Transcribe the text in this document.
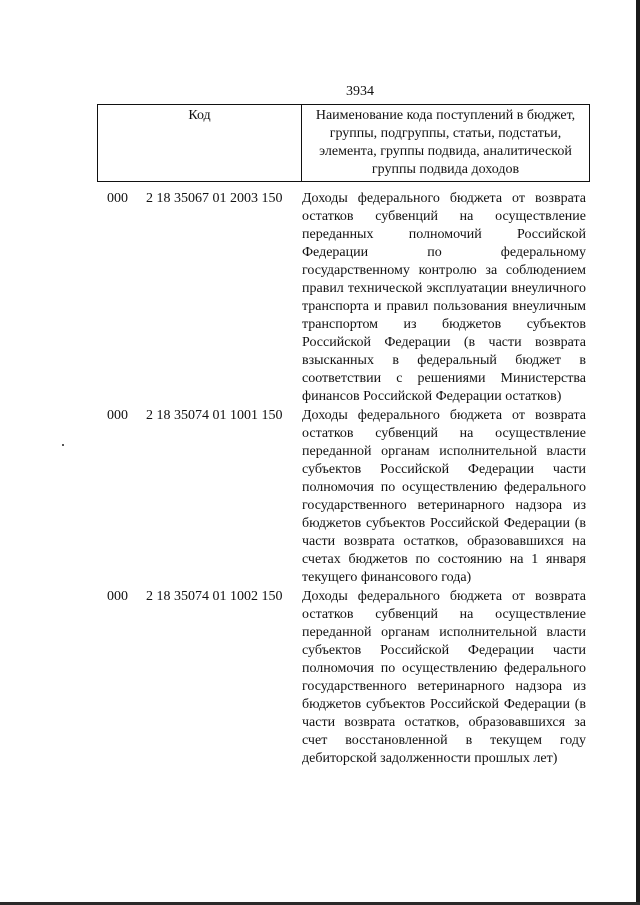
3934
Код	Наименование кода поступлений в бюджет, группы, подгруппы, статьи, подстатьи, элемента, группы подвида, аналитической группы подвида доходов
000 2 18 35067 01 2003 150 Доходы федерального бюджета от возврата остатков субвенций на осуществление переданных полномочий Российской Федерации по федеральному государственному контролю за соблюдением правил технической эксплуатации внеуличного транспорта и правил пользования внеуличным транспортом из бюджетов субъектов Российской Федерации (в части возврата взысканных в федеральный бюджет в соответствии с решениями Министерства финансов Российской Федерации остатков)
000 2 18 35074 01 1001 150 Доходы федерального бюджета от возврата остатков субвенций на осуществление переданной органам исполнительной власти субъектов Российской Федерации части полномочия по осуществлению федерального государственного ветеринарного надзора из бюджетов субъектов Российской Федерации (в части возврата остатков, образовавшихся на счетах бюджетов по состоянию на 1 января текущего финансового года)
000 2 18 35074 01 1002 150 Доходы федерального бюджета от возврата остатков субвенций на осуществление переданной органам исполнительной власти субъектов Российской Федерации части полномочия по осуществлению федерального государственного ветеринарного надзора из бюджетов субъектов Российской Федерации (в части возврата остатков, образовавшихся за счет восстановленной в текущем году дебиторской задолженности прошлых лет)
